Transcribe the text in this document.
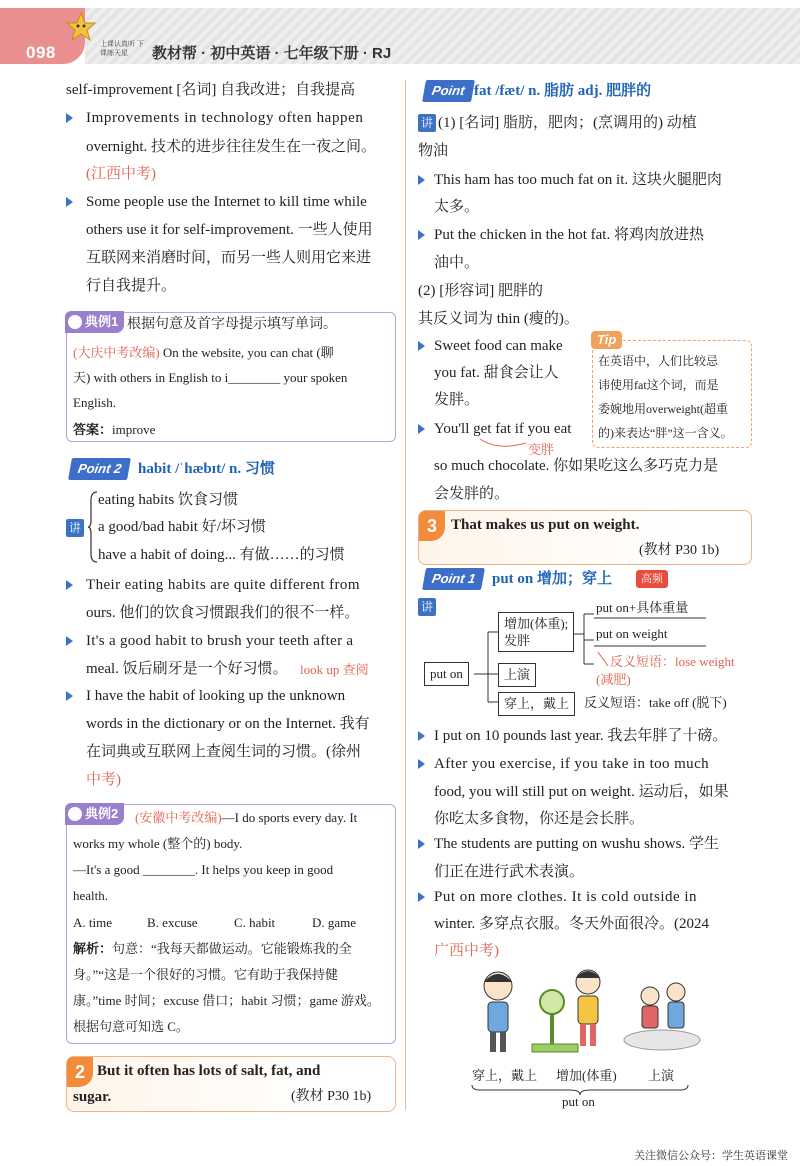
098	上课认真听 下课练天星	教材帮 · 初中英语 · 七年级下册 · RJ
self-improvement [名词] 自我改进；自我提高
Improvements in technology often happen
overnight. 技术的进步往往发生在一夜之间。
(江西中考)
Some people use the Internet to kill time while
others use it for self-improvement. 一些人使用
互联网来消磨时间，而另一些人则用它来进
行自我提升。
典例1 根据句意及首字母提示填写单词。
(大庆中考改编) On the website, you can chat (聊
天) with others in English to i________ your spoken
English.
答案：improve
Point 2	habit /ˈhæbɪt/ n. 习惯
讲
eating habits 饮食习惯
a good/bad habit 好/坏习惯
have a habit of doing... 有做……的习惯
Their eating habits are quite different from
ours. 他们的饮食习惯跟我们的很不一样。
It's a good habit to brush your teeth after a
meal. 饭后刷牙是一个好习惯。 look up 查阅
I have the habit of looking up the unknown
words in the dictionary or on the Internet. 我有
在词典或互联网上查阅生词的习惯。(徐州
中考)
典例2	(安徽中考改编)—I do sports every day. It
works my whole (整个的) body.
—It's a good ________. It helps you keep in good
health.
A. time	B. excuse	C. habit	D. game
解析：句意：“我每天都做运动。它能锻炼我的全
身。”“这是一个很好的习惯。它有助于我保持健
康。”time 时间；excuse 借口；habit 习惯；game 游戏。
根据句意可知选 C。
2 But it often has lots of salt, fat, and
sugar.	(教材 P30 1b)
Point fat /fæt/ n. 脂肪 adj. 肥胖的
讲 (1) [名词] 脂肪，肥肉；(烹调用的) 动植
物油
This ham has too much fat on it. 这块火腿肥肉
太多。
Put the chicken in the hot fat. 将鸡肉放进热
油中。
(2) [形容词] 肥胖的
其反义词为 thin (瘦的)。
Sweet food can make
you fat. 甜食会让人
发胖。
You'll get fat if you eat
变胖
so much chocolate. 你如果吃这么多巧克力是
会发胖的。
Tip
在英语中，人们比较忌
讳使用fat这个词，而是
委婉地用overweight(超重
的)来表达“胖”这一含义。
3 That makes us put on weight.
(教材 P30 1b)
Point 1	put on 增加；穿上	高频
讲
put on
增加(体重);
发胖
put on+具体重量
put on weight
反义短语：lose weight
(减肥)
上演
穿上，戴上	反义短语：take off (脱下)
I put on 10 pounds last year. 我去年胖了十磅。
After you exercise, if you take in too much
food, you will still put on weight. 运动后，如果
你吃太多食物，你还是会长胖。
The students are putting on wushu shows. 学生
们正在进行武术表演。
Put on more clothes. It is cold outside in
winter. 多穿点衣服。冬天外面很冷。(2024
广西中考)
穿上，戴上 增加(体重) 上演
put on
关注微信公众号：学生英语课堂
